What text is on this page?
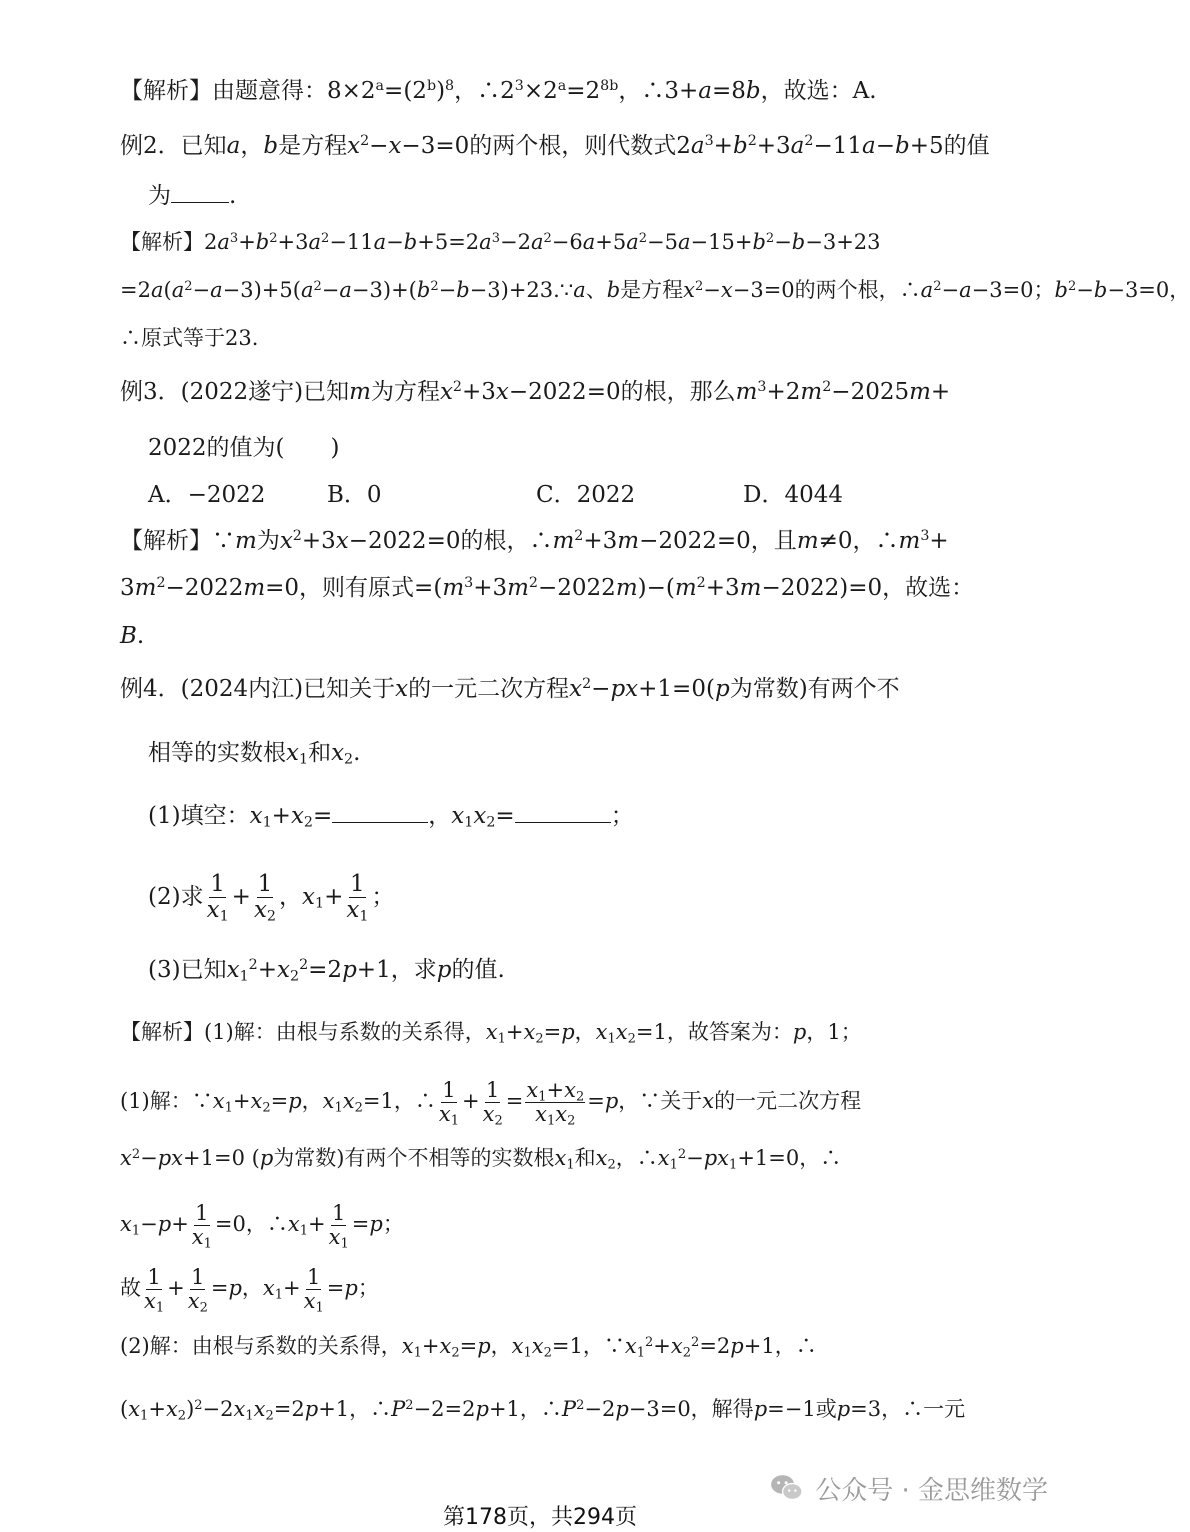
【解析】由题意得：$8\times 2^a=(2^b)^8$，$\therefore 2^3\times 2^a=2^{8b}$，∴3+a=8b，故选：A.
例2．已知a，b是方程$x^2-x-3=0$的两个根，则代数式$2a^3+b^2+3a^2-11a-b+5$的值
为	.
【解析】$2a^3+b^2+3a^2-11a-b+5=2a^3-2a^2-6a+5a^2-5a-15+b^2-b-3+23$
$=2a(a^2-a-3)+5(a^2-a-3)+(b^2-b-3)+23.\because a$、b是方程$x^2-x-3=0$的两个根，$\therefore a^2-a-3=0$；$b^2-b-3=0$，
∴原式等于23.
例3．(2022遂宁)已知m为方程$x^2+3x-2022=0$的根，那么$m^3+2m^2-2025m+$
2022的值为(　　)
A．−2022	B．0	C．2022	D．4044
【解析】∵m为$x^2+3x-2022=0$的根，$\therefore m^2+3m-2022=0$，且m≠0，$\therefore m^3+$
$3m^2-2022m=0$，则有原式$=(m^3+3m^2-2022m)-(m^2+3m-2022)=0$，故选：
B.
例4．(2024内江)已知关于x的一元二次方程$x^2-px+1=0(p$为常数)有两个不
相等的实数根$x_1$和$x_2$.
(1)填空：$x_1+x_2=$	，$x_1x_2=$	；
(2)求 $\frac{1}{x_1} + \frac{1}{x_2}$ ，$x_1+ \frac{1}{x_1}$ ；
(3)已知$x_1^2+x_2^2=2p+1$，求p的值.
【解析】(1)解：由根与系数的关系得，$x_1+x_2=p$，$x_1x_2=1$，故答案为：p，1；
(1)解：$\because x_1+x_2=p$，$x_1x_2=1$，∴ $\frac{1}{x_1} + \frac{1}{x_2} = \frac{x_1+x_2}{x_1x_2} =p$，∵关于x的一元二次方程
$x^2-px+1=0$ (p为常数)有两个不相等的实数根$x_1$和$x_2$，$\therefore x_1^2-px_1+1=0$，∴
$x_1-p+ \frac{1}{x_1} =0$，$\therefore x_1+ \frac{1}{x_1} =p$；
故 $\frac{1}{x_1} + \frac{1}{x_2} =p$，$x_1+ \frac{1}{x_1} =p$；
(2)解：由根与系数的关系得，$x_1+x_2=p$，$x_1x_2=1$，$\because x_1^2+x_2^2=2p+1$，∴
$(x_1+x_2)^2-2x_1x_2=2p+1$，$\therefore P^2-2=2p+1$，$\therefore P^2-2p-3=0$，解得p=−1或p=3，∴一元
公众号 · 金思维数学
第178页，共294页
